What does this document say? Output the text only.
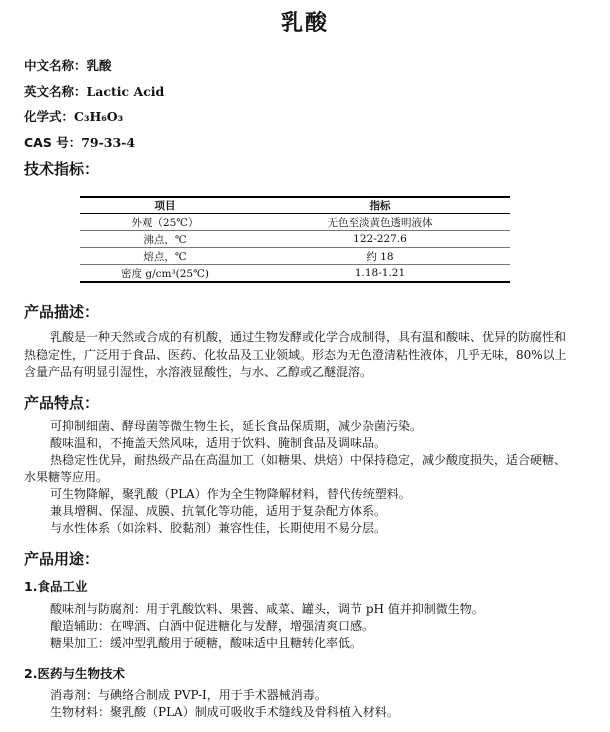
乳酸
中文名称：乳酸
英文名称：Lactic Acid
化学式：C₃H₆O₃
CAS 号：79-33-4
技术指标：
项目	指标
外观（25℃）	无色至淡黄色透明液体
沸点，℃	122-227.6
熔点，℃	约 18
密度 g/cm³(25℃)	1.18-1.21
产品描述：
乳酸是一种天然或合成的有机酸，通过生物发酵或化学合成制得，具有温和酸味、优异的防腐性和热稳定性，广泛用于食品、医药、化妆品及工业领域。形态为无色澄清粘性液体，几乎无味，80%以上含量产品有明显引湿性，水溶液显酸性，与水、乙醇或乙醚混溶。
产品特点：
可抑制细菌、酵母菌等微生物生长，延长食品保质期，减少杂菌污染。
酸味温和，不掩盖天然风味，适用于饮料、腌制食品及调味品。
热稳定性优异，耐热级产品在高温加工（如糖果、烘焙）中保持稳定，减少酸度损失，适合硬糖、水果糖等应用。
可生物降解，聚乳酸（PLA）作为全生物降解材料，替代传统塑料。
兼具增稠、保湿、成膜、抗氧化等功能，适用于复杂配方体系。
与水性体系（如涂料、胶黏剂）兼容性佳，长期使用不易分层。
产品用途：
1.食品工业
酸味剂与防腐剂：用于乳酸饮料、果酱、咸菜、罐头，调节 pH 值并抑制微生物。
酿造辅助：在啤酒、白酒中促进糖化与发酵，增强清爽口感。
糖果加工：缓冲型乳酸用于硬糖，酸味适中且糖转化率低。
2.医药与生物技术
消毒剂：与碘络合制成 PVP-I，用于手术器械消毒。
生物材料：聚乳酸（PLA）制成可吸收手术缝线及骨科植入材料。
